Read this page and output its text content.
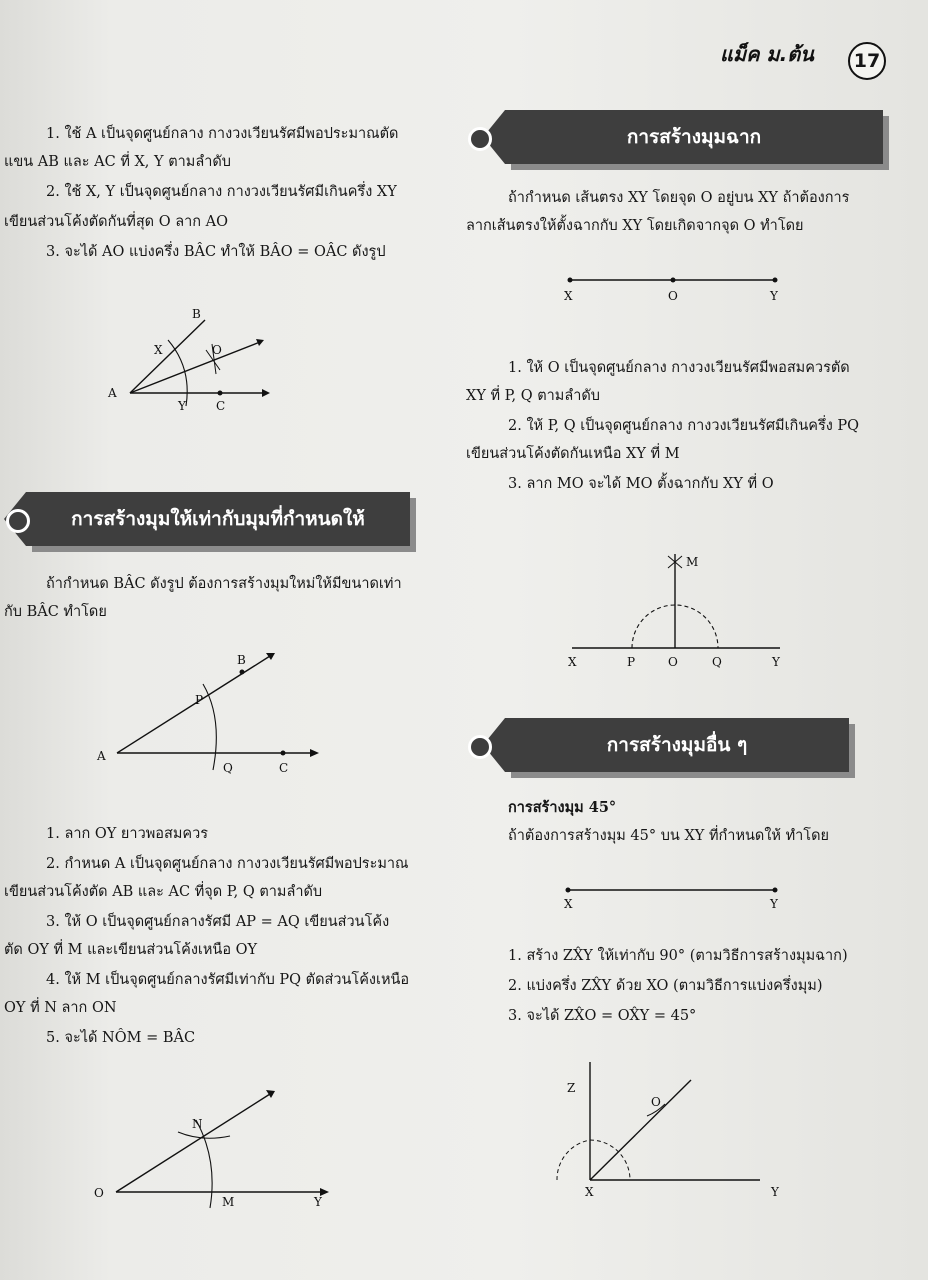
แม็ค ม.ต้น	17
1. ใช้ A เป็นจุดศูนย์กลาง กางวงเวียนรัศมีพอประมาณตัด
แขน AB และ AC ที่ X, Y ตามลำดับ
2. ใช้ X, Y เป็นจุดศูนย์กลาง กางวงเวียนรัศมีเกินครึ่ง XY
เขียนส่วนโค้งตัดกันที่สุด O ลาก AO
3. จะได้ AO แบ่งครึ่ง BÂC ทำให้ BÂO = OÂC ดังรูป
A
B
C
O
X
Y
การสร้างมุมให้เท่ากับมุมที่กำหนดให้
ถ้ากำหนด BÂC ดังรูป ต้องการสร้างมุมใหม่ให้มีขนาดเท่า
กับ BÂC ทำโดย
A
B
C
P
Q
1. ลาก OY ยาวพอสมควร
2. กำหนด A เป็นจุดศูนย์กลาง กางวงเวียนรัศมีพอประมาณ
เขียนส่วนโค้งตัด AB และ AC ที่จุด P, Q ตามลำดับ
3. ให้ O เป็นจุดศูนย์กลางรัศมี AP = AQ เขียนส่วนโค้ง
ตัด OY ที่ M และเขียนส่วนโค้งเหนือ OY
4. ให้ M เป็นจุดศูนย์กลางรัศมีเท่ากับ PQ ตัดส่วนโค้งเหนือ
OY ที่ N ลาก ON
5. จะได้ NÔM = BÂC
O
N
M	Y
การสร้างมุมฉาก
ถ้ากำหนด เส้นตรง XY โดยจุด O อยู่บน XY ถ้าต้องการ
ลากเส้นตรงให้ตั้งฉากกับ XY โดยเกิดจากจุด O ทำโดย
X	O	Y
1. ให้ O เป็นจุดศูนย์กลาง กางวงเวียนรัศมีพอสมควรตัด
XY ที่ P, Q ตามลำดับ
2. ให้ P, Q เป็นจุดศูนย์กลาง กางวงเวียนรัศมีเกินครึ่ง PQ
เขียนส่วนโค้งตัดกันเหนือ XY ที่ M
3. ลาก MO จะได้ MO ตั้งฉากกับ XY ที่ O
M
X	P	O	Q	Y
การสร้างมุมอื่น ๆ
การสร้างมุม 45°
ถ้าต้องการสร้างมุม 45° บน XY ที่กำหนดให้ ทำโดย
X	Y
1. สร้าง ZX̂Y ให้เท่ากับ 90° (ตามวิธีการสร้างมุมฉาก)
2. แบ่งครึ่ง ZX̂Y ด้วย XO (ตามวิธีการแบ่งครึ่งมุม)
3. จะได้ ZX̂O = OX̂Y = 45°
Z
O
X	Y
